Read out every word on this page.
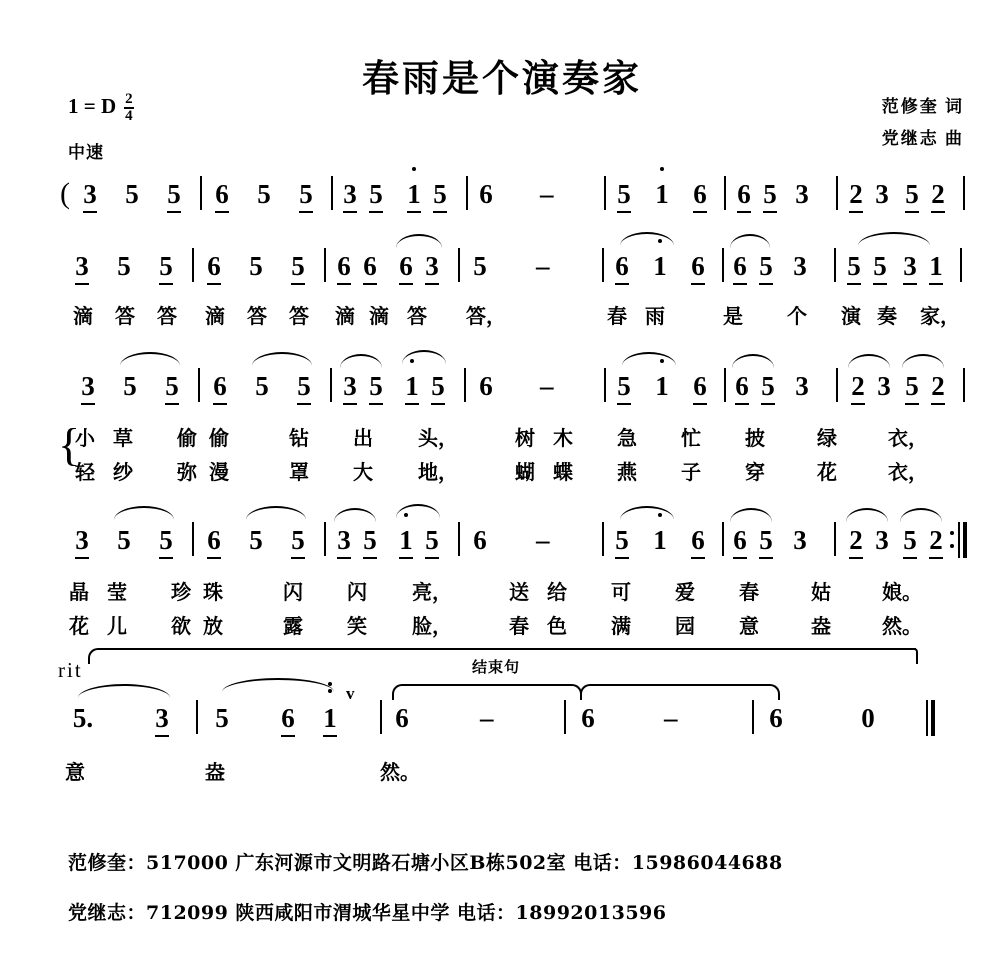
春雨是个演奏家
1 = D $\frac{2}{4}$
中速
范修奎 词
党继志 曲
( 3 5 5 6 5 5 3 5 1 5 6 – 5 1 6 6 5 3 2 3 5 2
3 5 5 6 5 5 6 6 6 3 5 – 6 1 6 6 5 3 5 5 3 1
滴 答 答 滴 答 答 滴 滴 答 答，	春 雨	是 个 演 奏 家，
3 5 5 6 5 5 3 5 1 5 6 – 5 1 6 6 5 3 2 3 5 2
{
小 草 偷 偷	钻 出 头，	树 木 急 忙 披	绿	衣，
轻 纱 弥 漫	罩 大 地，	蝴 蝶 燕 子 穿	花	衣，
3 5 5 6 5 5 3 5 1 5 6 – 5 1 6 6 5 3 2 3 5 2
晶 莹 珍 珠	闪 闪 亮，	送 给 可 爱 春	姑	娘。
花 儿 欲 放	露 笑 脸，	春 色 满 园 意	盎	然。
rit	结束句
5. 3 5 6 1
v
6	–	6	–	6	0
意	盎	然。
范修奎：517000 广东河源市文明路石塘小区B栋502室 电话：15986044688
党继志：712099 陕西咸阳市渭城华星中学 电话：18992013596
